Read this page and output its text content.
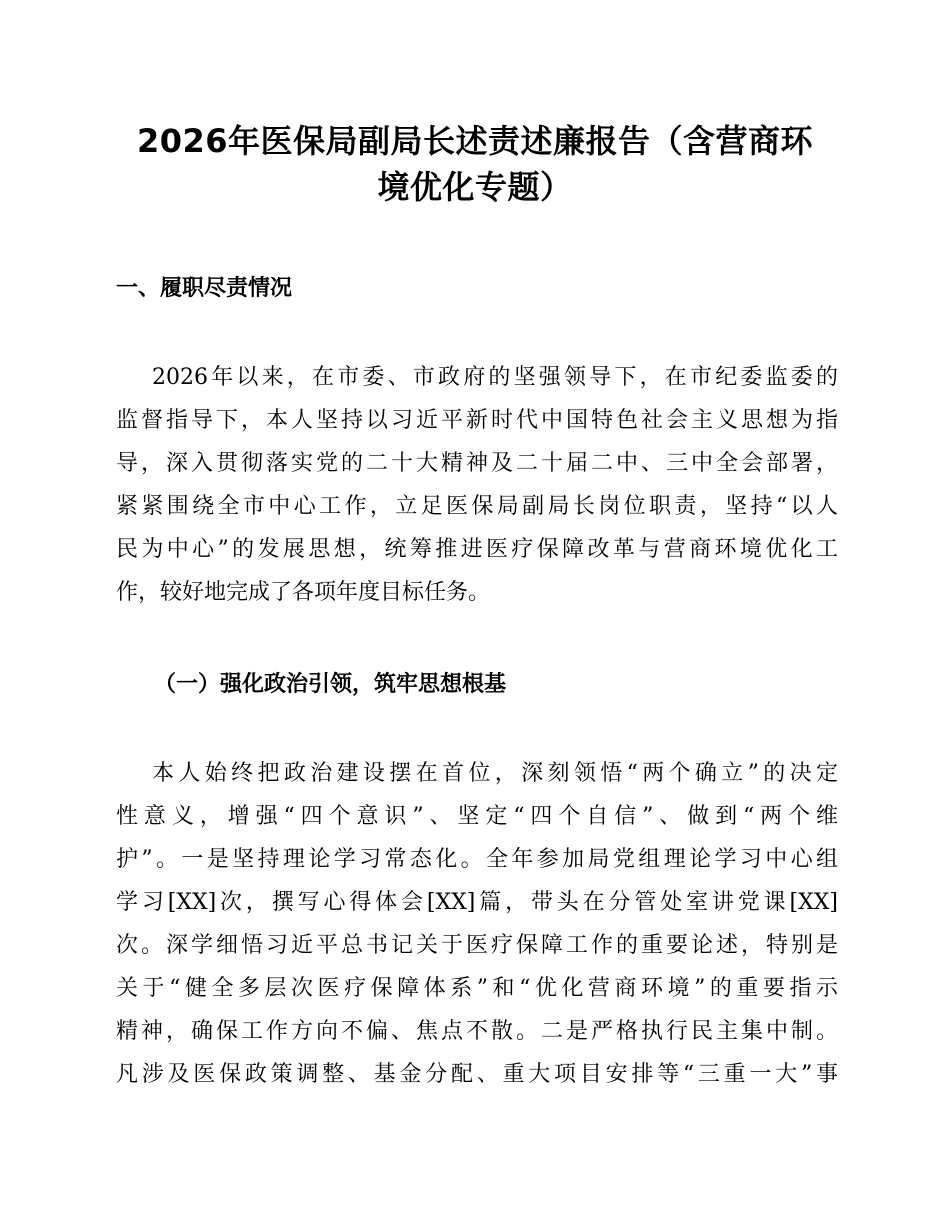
2026年医保局副局长述责述廉报告（含营商环
境优化专题）
一、履职尽责情况
2026年以来，在市委、市政府的坚强领导下，在市纪委监委的
监督指导下，本人坚持以习近平新时代中国特色社会主义思想为指
导，深入贯彻落实党的二十大精神及二十届二中、三中全会部署，
紧紧围绕全市中心工作，立足医保局副局长岗位职责，坚持“以人
民为中心”的发展思想，统筹推进医疗保障改革与营商环境优化工
作，较好地完成了各项年度目标任务。
（一）强化政治引领，筑牢思想根基
本人始终把政治建设摆在首位，深刻领悟“两个确立”的决定
性意义，增强“四个意识”、坚定“四个自信”、做到“两个维
护”。一是坚持理论学习常态化。全年参加局党组理论学习中心组
学习[XX]次，撰写心得体会[XX]篇，带头在分管处室讲党课[XX]
次。深学细悟习近平总书记关于医疗保障工作的重要论述，特别是
关于“健全多层次医疗保障体系”和“优化营商环境”的重要指示
精神，确保工作方向不偏、焦点不散。二是严格执行民主集中制。
凡涉及医保政策调整、基金分配、重大项目安排等“三重一大”事
